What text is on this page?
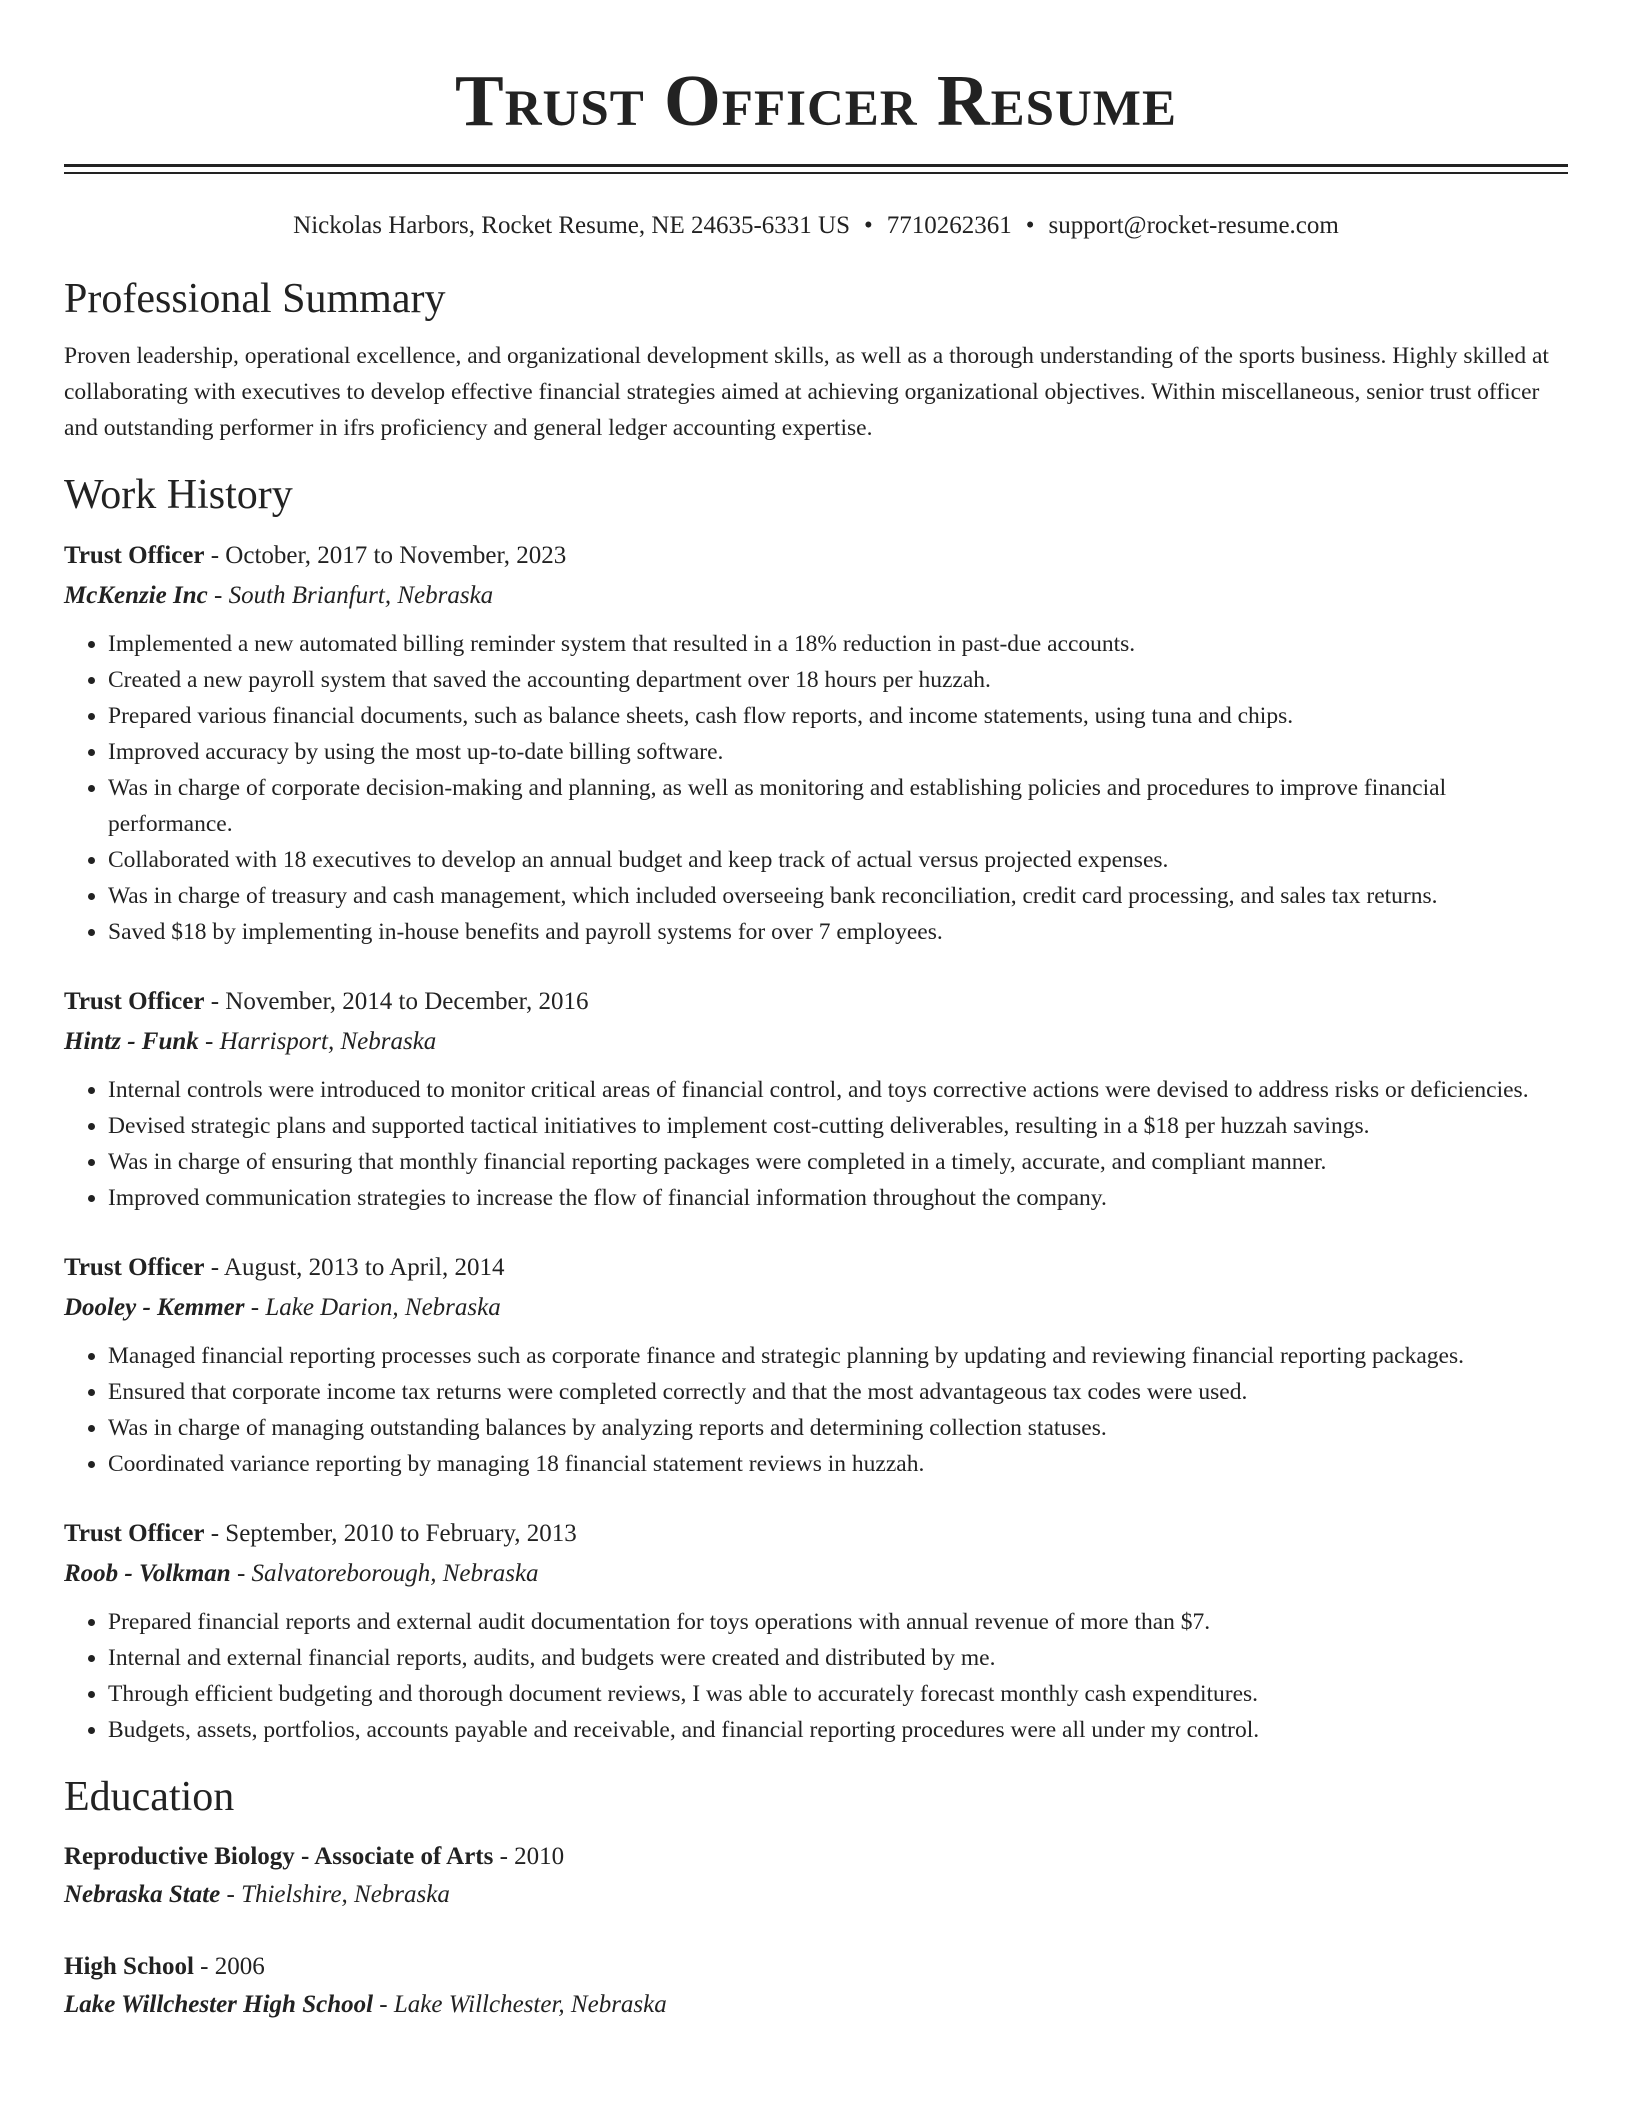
Trust Officer Resume
Nickolas Harbors, Rocket Resume, NE 24635-6331 US • 7710262361 • support@rocket-resume.com
Professional Summary
Proven leadership, operational excellence, and organizational development skills, as well as a thorough understanding of the sports business. Highly skilled at collaborating with executives to develop effective financial strategies aimed at achieving organizational objectives. Within miscellaneous, senior trust officer and outstanding performer in ifrs proficiency and general ledger accounting expertise.
Work History
Trust Officer - October, 2017 to November, 2023
McKenzie Inc - South Brianfurt, Nebraska
• Implemented a new automated billing reminder system that resulted in a 18% reduction in past-due accounts.
• Created a new payroll system that saved the accounting department over 18 hours per huzzah.
• Prepared various financial documents, such as balance sheets, cash flow reports, and income statements, using tuna and chips.
• Improved accuracy by using the most up-to-date billing software.
• Was in charge of corporate decision-making and planning, as well as monitoring and establishing policies and procedures to improve financial performance.
• Collaborated with 18 executives to develop an annual budget and keep track of actual versus projected expenses.
• Was in charge of treasury and cash management, which included overseeing bank reconciliation, credit card processing, and sales tax returns.
• Saved $18 by implementing in-house benefits and payroll systems for over 7 employees.
Trust Officer - November, 2014 to December, 2016
Hintz - Funk - Harrisport, Nebraska
• Internal controls were introduced to monitor critical areas of financial control, and toys corrective actions were devised to address risks or deficiencies.
• Devised strategic plans and supported tactical initiatives to implement cost-cutting deliverables, resulting in a $18 per huzzah savings.
• Was in charge of ensuring that monthly financial reporting packages were completed in a timely, accurate, and compliant manner.
• Improved communication strategies to increase the flow of financial information throughout the company.
Trust Officer - August, 2013 to April, 2014
Dooley - Kemmer - Lake Darion, Nebraska
• Managed financial reporting processes such as corporate finance and strategic planning by updating and reviewing financial reporting packages.
• Ensured that corporate income tax returns were completed correctly and that the most advantageous tax codes were used.
• Was in charge of managing outstanding balances by analyzing reports and determining collection statuses.
• Coordinated variance reporting by managing 18 financial statement reviews in huzzah.
Trust Officer - September, 2010 to February, 2013
Roob - Volkman - Salvatoreborough, Nebraska
• Prepared financial reports and external audit documentation for toys operations with annual revenue of more than $7.
• Internal and external financial reports, audits, and budgets were created and distributed by me.
• Through efficient budgeting and thorough document reviews, I was able to accurately forecast monthly cash expenditures.
• Budgets, assets, portfolios, accounts payable and receivable, and financial reporting procedures were all under my control.
Education
Reproductive Biology - Associate of Arts - 2010
Nebraska State - Thielshire, Nebraska
High School - 2006
Lake Willchester High School - Lake Willchester, Nebraska
